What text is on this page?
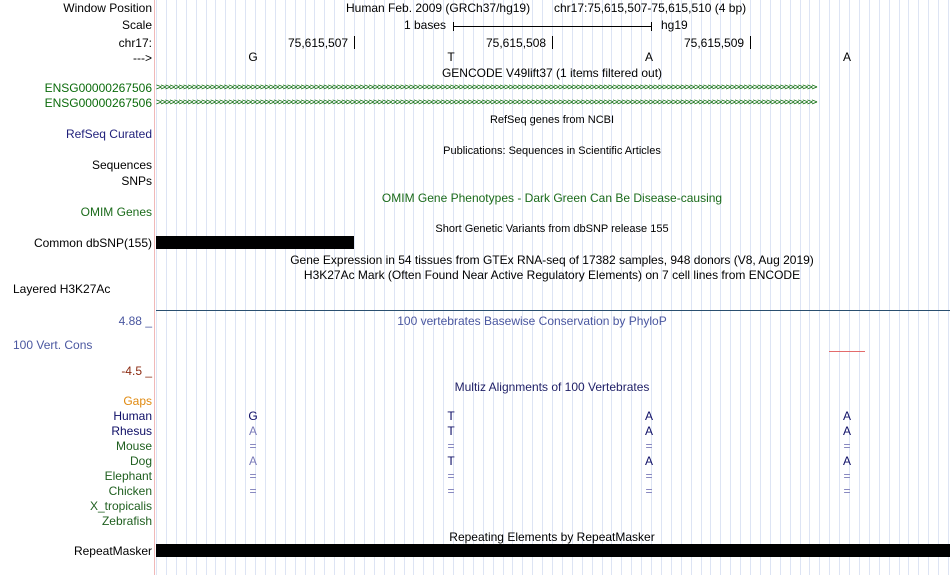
Window Position	Human Feb. 2009 (GRCh37/hg19) chr17:75,615,507-75,615,510 (4 bp)
Scale	1 bases	hg19
chr17:	75,615,507	75,615,508	75,615,509
--->	G	T	A	A
GENCODE V49lift37 (1 items filtered out)
ENSG00000267506 >>>>>>>>>>>>>>>>>>>>>>>>>>>>>>>>>>>>>>>>>>>>>>>>>>>>>>>>>>>>>>>>>>>>>>>>>>>>>>>>>>>>>>>>>>>>>>>>>>>>>>>>>>>>>>>>>>>>>>>>>>>>>>>>>>>>>>>>>>>>>>>>>>
ENSG00000267506 >>>>>>>>>>>>>>>>>>>>>>>>>>>>>>>>>>>>>>>>>>>>>>>>>>>>>>>>>>>>>>>>>>>>>>>>>>>>>>>>>>>>>>>>>>>>>>>>>>>>>>>>>>>>>>>>>>>>>>>>>>>>>>>>>>>>>>>>>>>>>>>>>>
RefSeq genes from NCBI
RefSeq Curated
Publications: Sequences in Scientific Articles
Sequences
SNPs
OMIM Gene Phenotypes - Dark Green Can Be Disease-causing
OMIM Genes
Short Genetic Variants from dbSNP release 155
Common dbSNP(155)
Gene Expression in 54 tissues from GTEx RNA-seq of 17382 samples, 948 donors (V8, Aug 2019)
H3K27Ac Mark (Often Found Near Active Regulatory Elements) on 7 cell lines from ENCODE
Layered H3K27Ac
4.88 _	100 vertebrates Basewise Conservation by PhyloP
100 Vert. Cons
-4.5 _
Multiz Alignments of 100 Vertebrates
Gaps
Human	G	T	A	A
Rhesus	A	T	A	A
Mouse	=	=	=	=
Dog	A	T	A	A
Elephant	=	=	=	=
Chicken	=	=	=	=
X_tropicalis
Zebrafish
Repeating Elements by RepeatMasker
RepeatMasker
